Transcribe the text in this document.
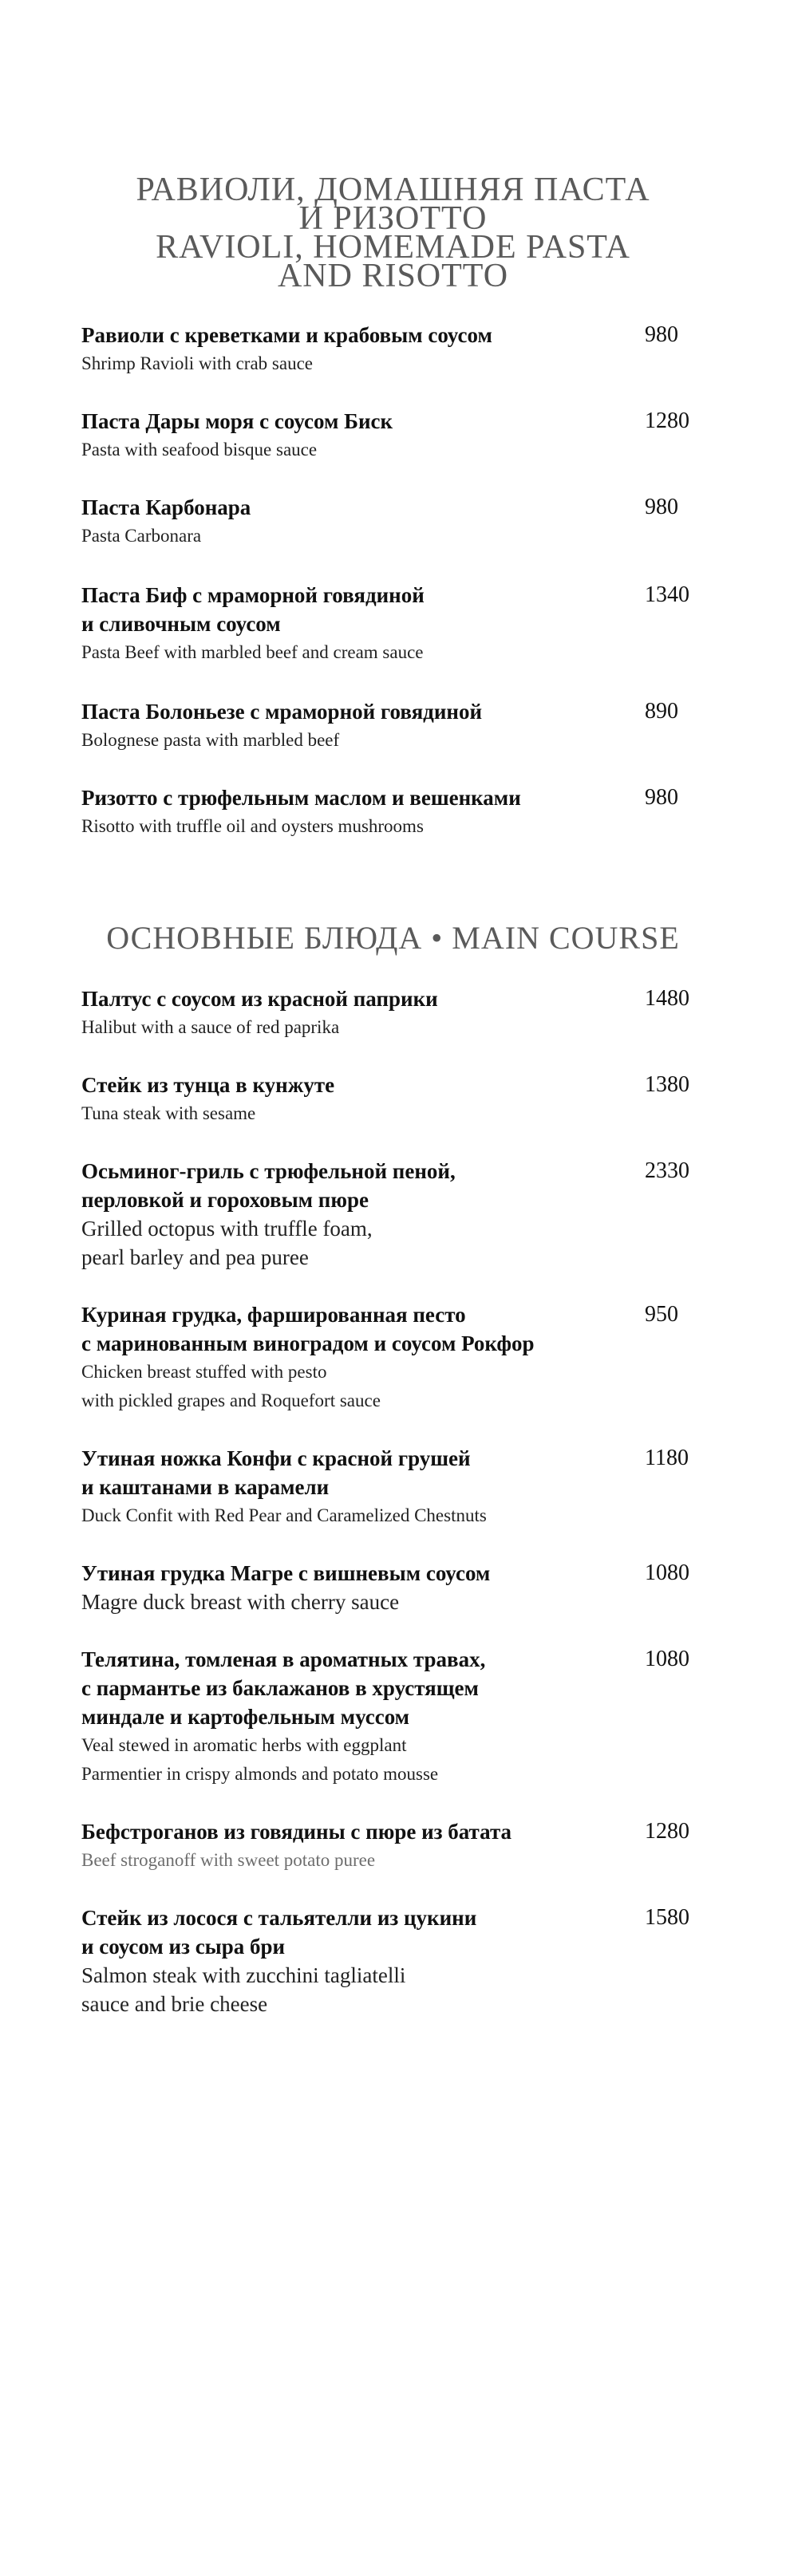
РАВИОЛИ, ДОМАШНЯЯ ПАСТА
И РИЗОТТО
RAVIOLI, HOMEMADE PASTA
AND RISOTTO
Равиоли с креветками и крабовым соусом
Shrimp Ravioli with crab sauce
980
Паста Дары моря с соусом Биск
Pasta with seafood bisque sauce
1280
Паста Карбонара
Pasta Carbonara
980
Паста Биф с мраморной говядиной
и сливочным соусом
Pasta Beef with marbled beef and cream sauce
1340
Паста Болоньезе с мраморной говядиной
Bolognese pasta with marbled beef
890
Ризотто с трюфельным маслом и вешенками
Risotto with truffle oil and oysters mushrooms
980
ОСНОВНЫЕ БЛЮДА • MAIN COURSE
Палтус с соусом из красной паприки
Halibut with a sauce of red paprika
1480
Стейк из тунца в кунжуте
Tuna steak with sesame
1380
Осьминог-гриль с трюфельной пеной,
перловкой и гороховым пюре
Grilled octopus with truffle foam,
pearl barley and pea puree
2330
Куриная грудка, фаршированная песто
с маринованным виноградом и соусом Рокфор
Chicken breast stuffed with pesto
with pickled grapes and Roquefort sauce
950
Утиная ножка Конфи с красной грушей
и каштанами в карамели
Duck Confit with Red Pear and Caramelized Chestnuts
1180
Утиная грудка Магре с вишневым соусом
Magre duck breast with cherry sauce
1080
Телятина, томленая в ароматных травах,
с пармантье из баклажанов в хрустящем
миндале и картофельным муссом
Veal stewed in aromatic herbs with eggplant
Parmentier in crispy almonds and potato mousse
1080
Бефстроганов из говядины с пюре из батата
Beef stroganoff with sweet potato puree
1280
Стейк из лосося с тальятелли из цукини
и соусом из сыра бри
Salmon steak with zucchini tagliatelli
sauce and brie cheese
1580
